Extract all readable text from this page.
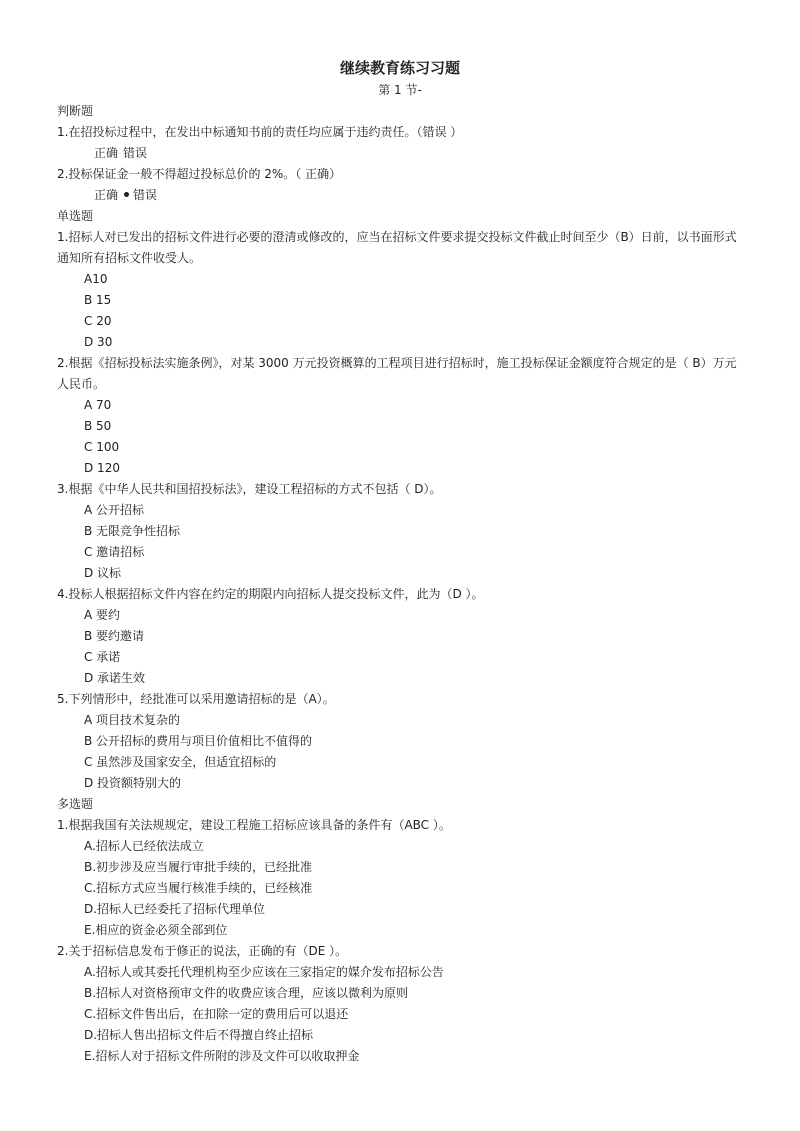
继续教育练习习题
第 1 节-
判断题
1.在招投标过程中，在发出中标通知书前的责任均应属于违约责任。（错误 ）
正确 错误
2.投标保证金一般不得超过投标总价的 2%。（ 正确）
正确 错误
单选题
1.招标人对已发出的招标文件进行必要的澄清或修改的，应当在招标文件要求提交投标文件截止时间至少（B）日前，以书面形式通知所有招标文件收受人。
A10
B 15
C 20
D 30
2.根据《招标投标法实施条例》，对某 3000 万元投资概算的工程项目进行招标时，施工投标保证金额度符合规定的是（ B）万元人民币。
A 70
B 50
C 100
D 120
3.根据《中华人民共和国招投标法》，建设工程招标的方式不包括（ D）。
A 公开招标
B 无限竞争性招标
C 邀请招标
D 议标
4.投标人根据招标文件内容在约定的期限内向招标人提交投标文件，此为（D ）。
A 要约
B 要约邀请
C 承诺
D 承诺生效
5.下列情形中，经批准可以采用邀请招标的是（A）。
A 项目技术复杂的
B 公开招标的费用与项目价值相比不值得的
C 虽然涉及国家安全，但适宜招标的
D 投资额特别大的
多选题
1.根据我国有关法规规定，建设工程施工招标应该具备的条件有（ABC ）。
A.招标人已经依法成立
B.初步涉及应当履行审批手续的，已经批准
C.招标方式应当履行核准手续的，已经核准
D.招标人已经委托了招标代理单位
E.相应的资金必须全部到位
2.关于招标信息发布于修正的说法，正确的有（DE ）。
A.招标人或其委托代理机构至少应该在三家指定的媒介发布招标公告
B.招标人对资格预审文件的收费应该合理，应该以微利为原则
C.招标文件售出后，在扣除一定的费用后可以退还
D.招标人售出招标文件后不得擅自终止招标
E.招标人对于招标文件所附的涉及文件可以收取押金
